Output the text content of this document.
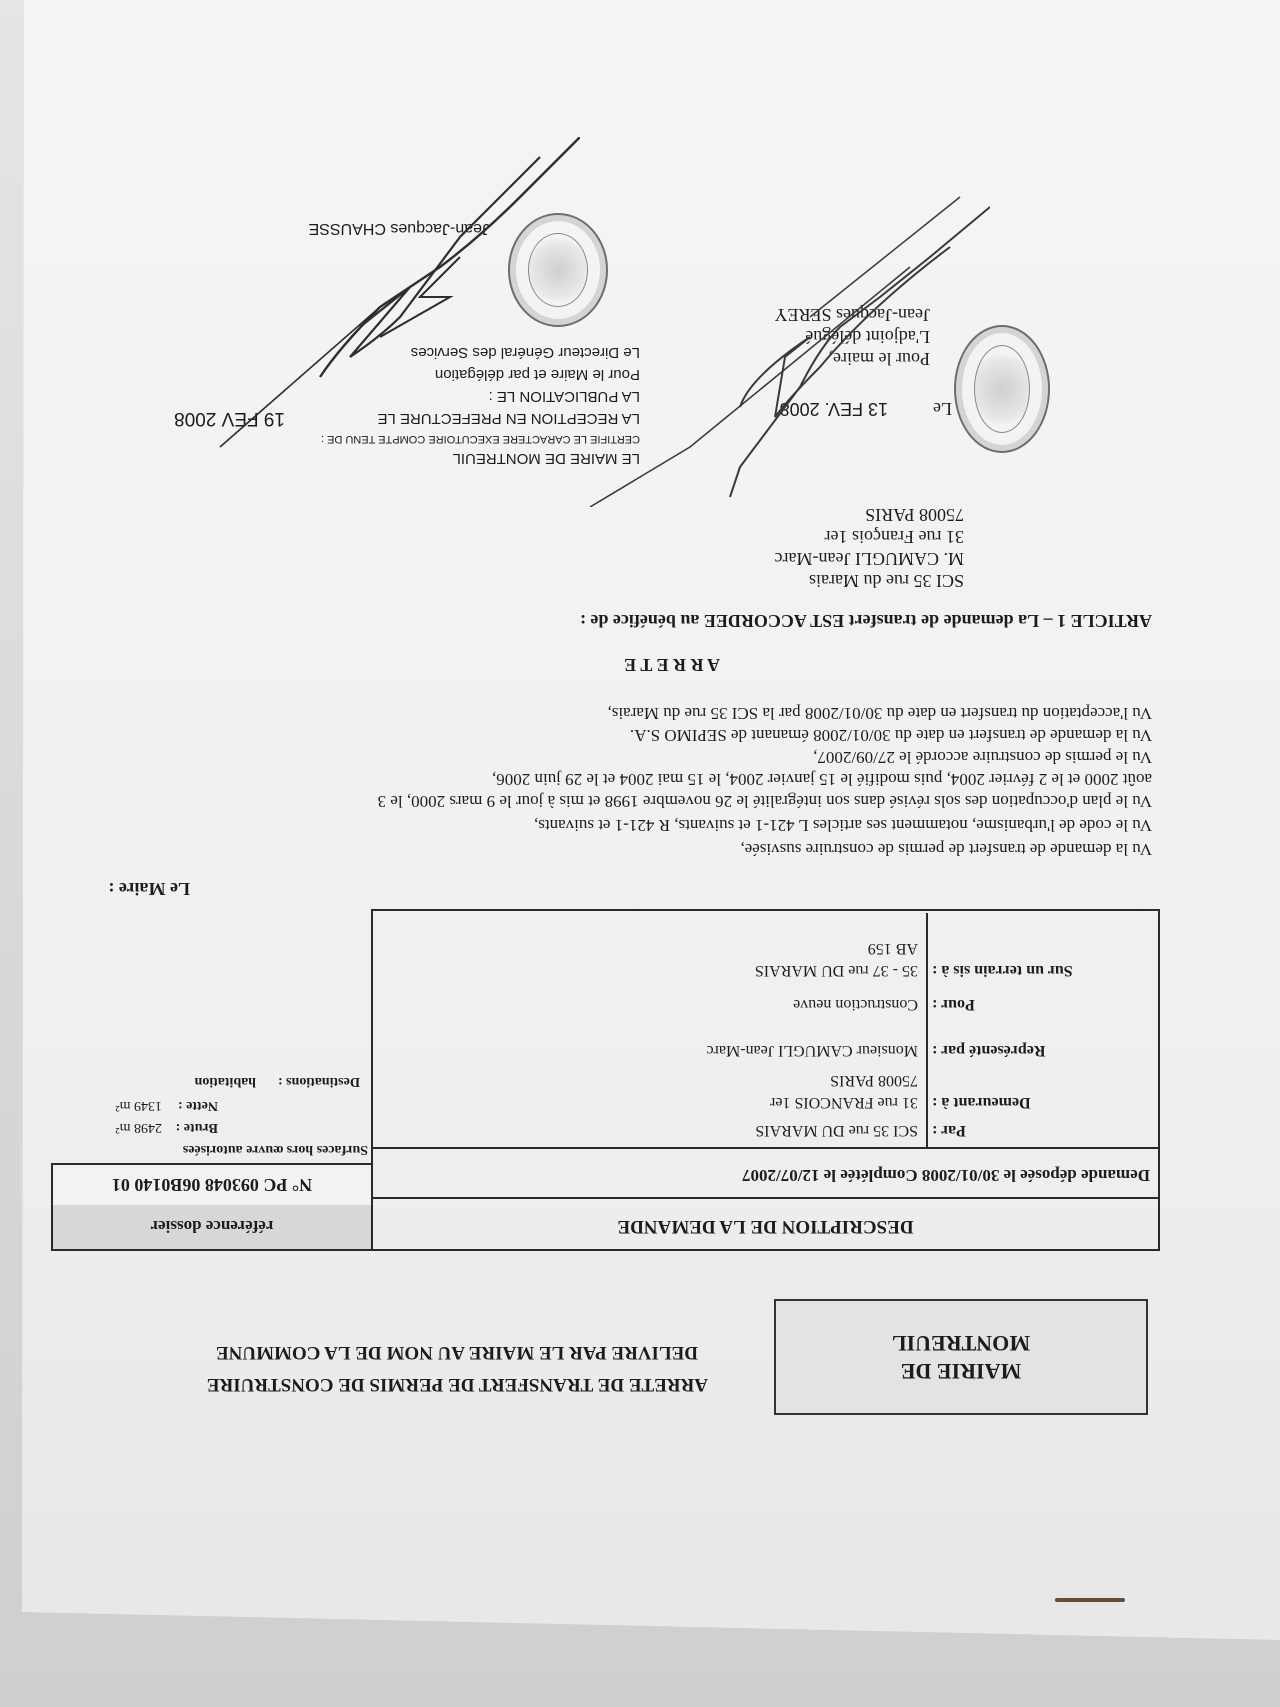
MAIRIE DE
MONTREUIL
ARRETE DE TRANSFERT DE PERMIS DE CONSTRUIRE
DELIVRE PAR LE MAIRE AU NOM DE LA COMMUNE
DESCRIPTION DE LA DEMANDE
Demande déposée le 30/01/2008 Complétée le 12/07/2007
Par :
SCI 35 rue DU MARAIS
Demeurant à :
31 rue FRANCOIS 1er
75008 PARIS
Représenté par :
Monsieur CAMUGLI Jean-Marc
Pour :
Construction neuve
Sur un terrain sis à :
35 - 37 rue DU MARAIS
AB 159
référence dossier
N° PC 093048 06B0140 01
Surfaces hors œuvre autorisées
Brute :
2498 m²
Nette :
1349 m²
Destinations :
habitation
Le Maire :
Vu la demande de transfert de permis de construire susvisée,
Vu le code de l'urbanisme, notamment ses articles L 421-1 et suivants, R 421-1 et suivants,
Vu le plan d'occupation des sols révisé dans son intégralité le 26 novembre 1998 et mis à jour le 9 mars 2000, le 3
août 2000 et le 2 février 2004, puis modifié le 15 janvier 2004, le 15 mai 2004 et le 29 juin 2006,
Vu le permis de construire accordé le 27/09/2007,
Vu la demande de transfert en date du 30/01/2008 émanant de SEPIMO S.A.
Vu l'acceptation du transfert en date du 30/01/2008 par la SCI 35 rue du Marais,
A R R E T E
ARTICLE 1 – La demande de transfert EST ACCORDEE au bénéfice de :
SCI 35 rue du Marais
M. CAMUGLI Jean-Marc
31 rue François 1er
75008 PARIS
Le
13 FEV. 2008
Pour le maire,
L'adjoint délégué
Jean-Jacques SEREY
LE MAIRE DE MONTREUIL
CERTIFIE LE CARACTERE EXECUTOIRE COMPTE TENU DE :
LA RECEPTION EN PREFECTURE LE
19 FEV 2008
LA PUBLICATION LE :
Pour le Maire et par délégation
Le Directeur Général des Services
Jean-Jacques CHAUSSE
